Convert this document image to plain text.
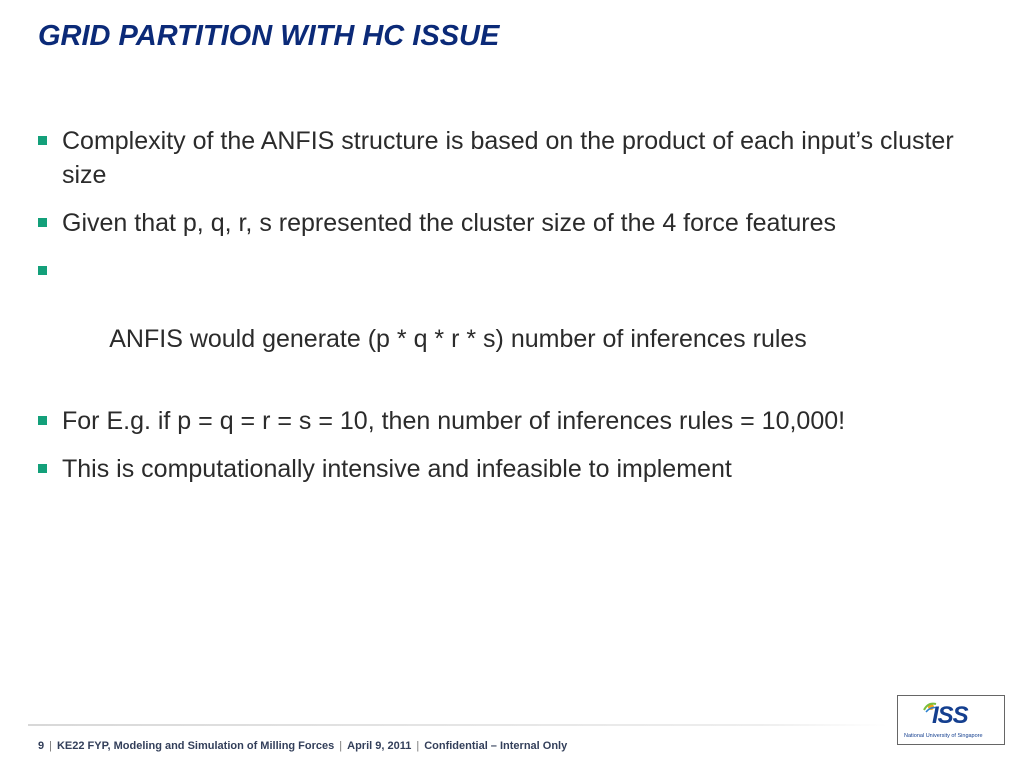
GRID PARTITION WITH HC ISSUE
Complexity of the ANFIS structure is based on the product of each input’s cluster size
Given that p, q, r, s represented the cluster size of the 4 force features

ANFIS would generate (p * q * r * s) number of inferences rules

For E.g. if p = q = r = s = 10, then number of inferences rules = 10,000!
This is computationally intensive and infeasible to implement
9 | KE22 FYP, Modeling and Simulation of Milling Forces | April 9, 2011 | Confidential – Internal Only
ISS
National University of Singapore
